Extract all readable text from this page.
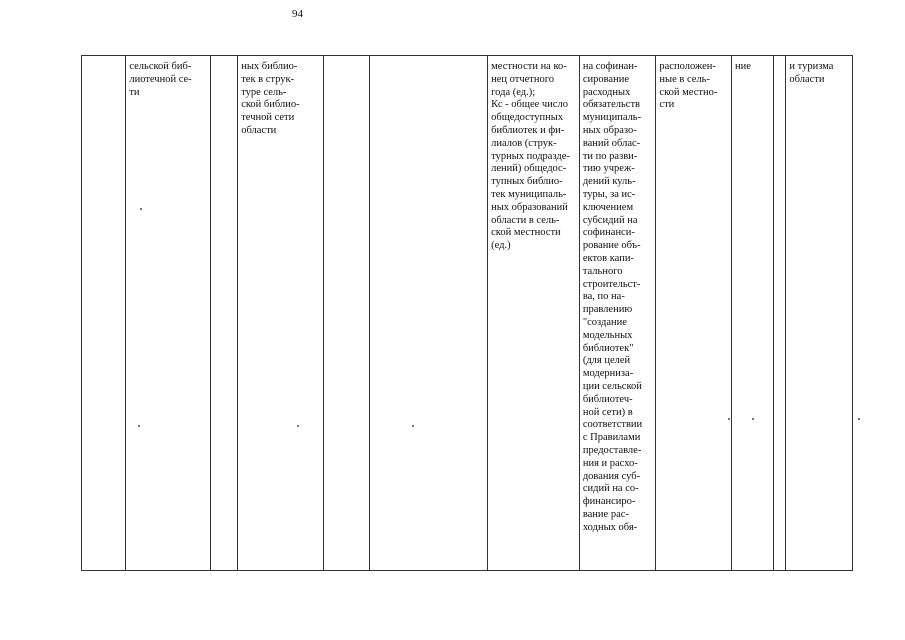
94
	сельской биб-
лиотечной се-
ти		ных библио-
тек в струк-
туре сель-
ской библио-
течной сети
области			местности на ко-
нец отчетного
года (ед.);
Кс - общее число
общедоступных
библиотек и фи-
лиалов (струк-
турных подразде-
лений) общедос-
тупных библио-
тек муниципаль-
ных образований
области в сель-
ской местности
(ед.)	на софинан-
сирование
расходных
обязательств
муниципаль-
ных образо-
ваний облас-
ти по разви-
тию учреж-
дений куль-
туры, за ис-
ключением
субсидий на
софинанси-
рование объ-
ектов капи-
тального
строительст-
ва, по на-
правлению
"создание
модельных
библиотек"
(для целей
модерниза-
ции сельской
библиотеч-
ной сети) в
соответствии
с Правилами
предоставле-
ния и расхо-
дования суб-
сидий на со-
финансиро-
вание рас-
ходных обя-	расположен-
ные в сель-
ской местно-
сти	ние		и туризма
области
